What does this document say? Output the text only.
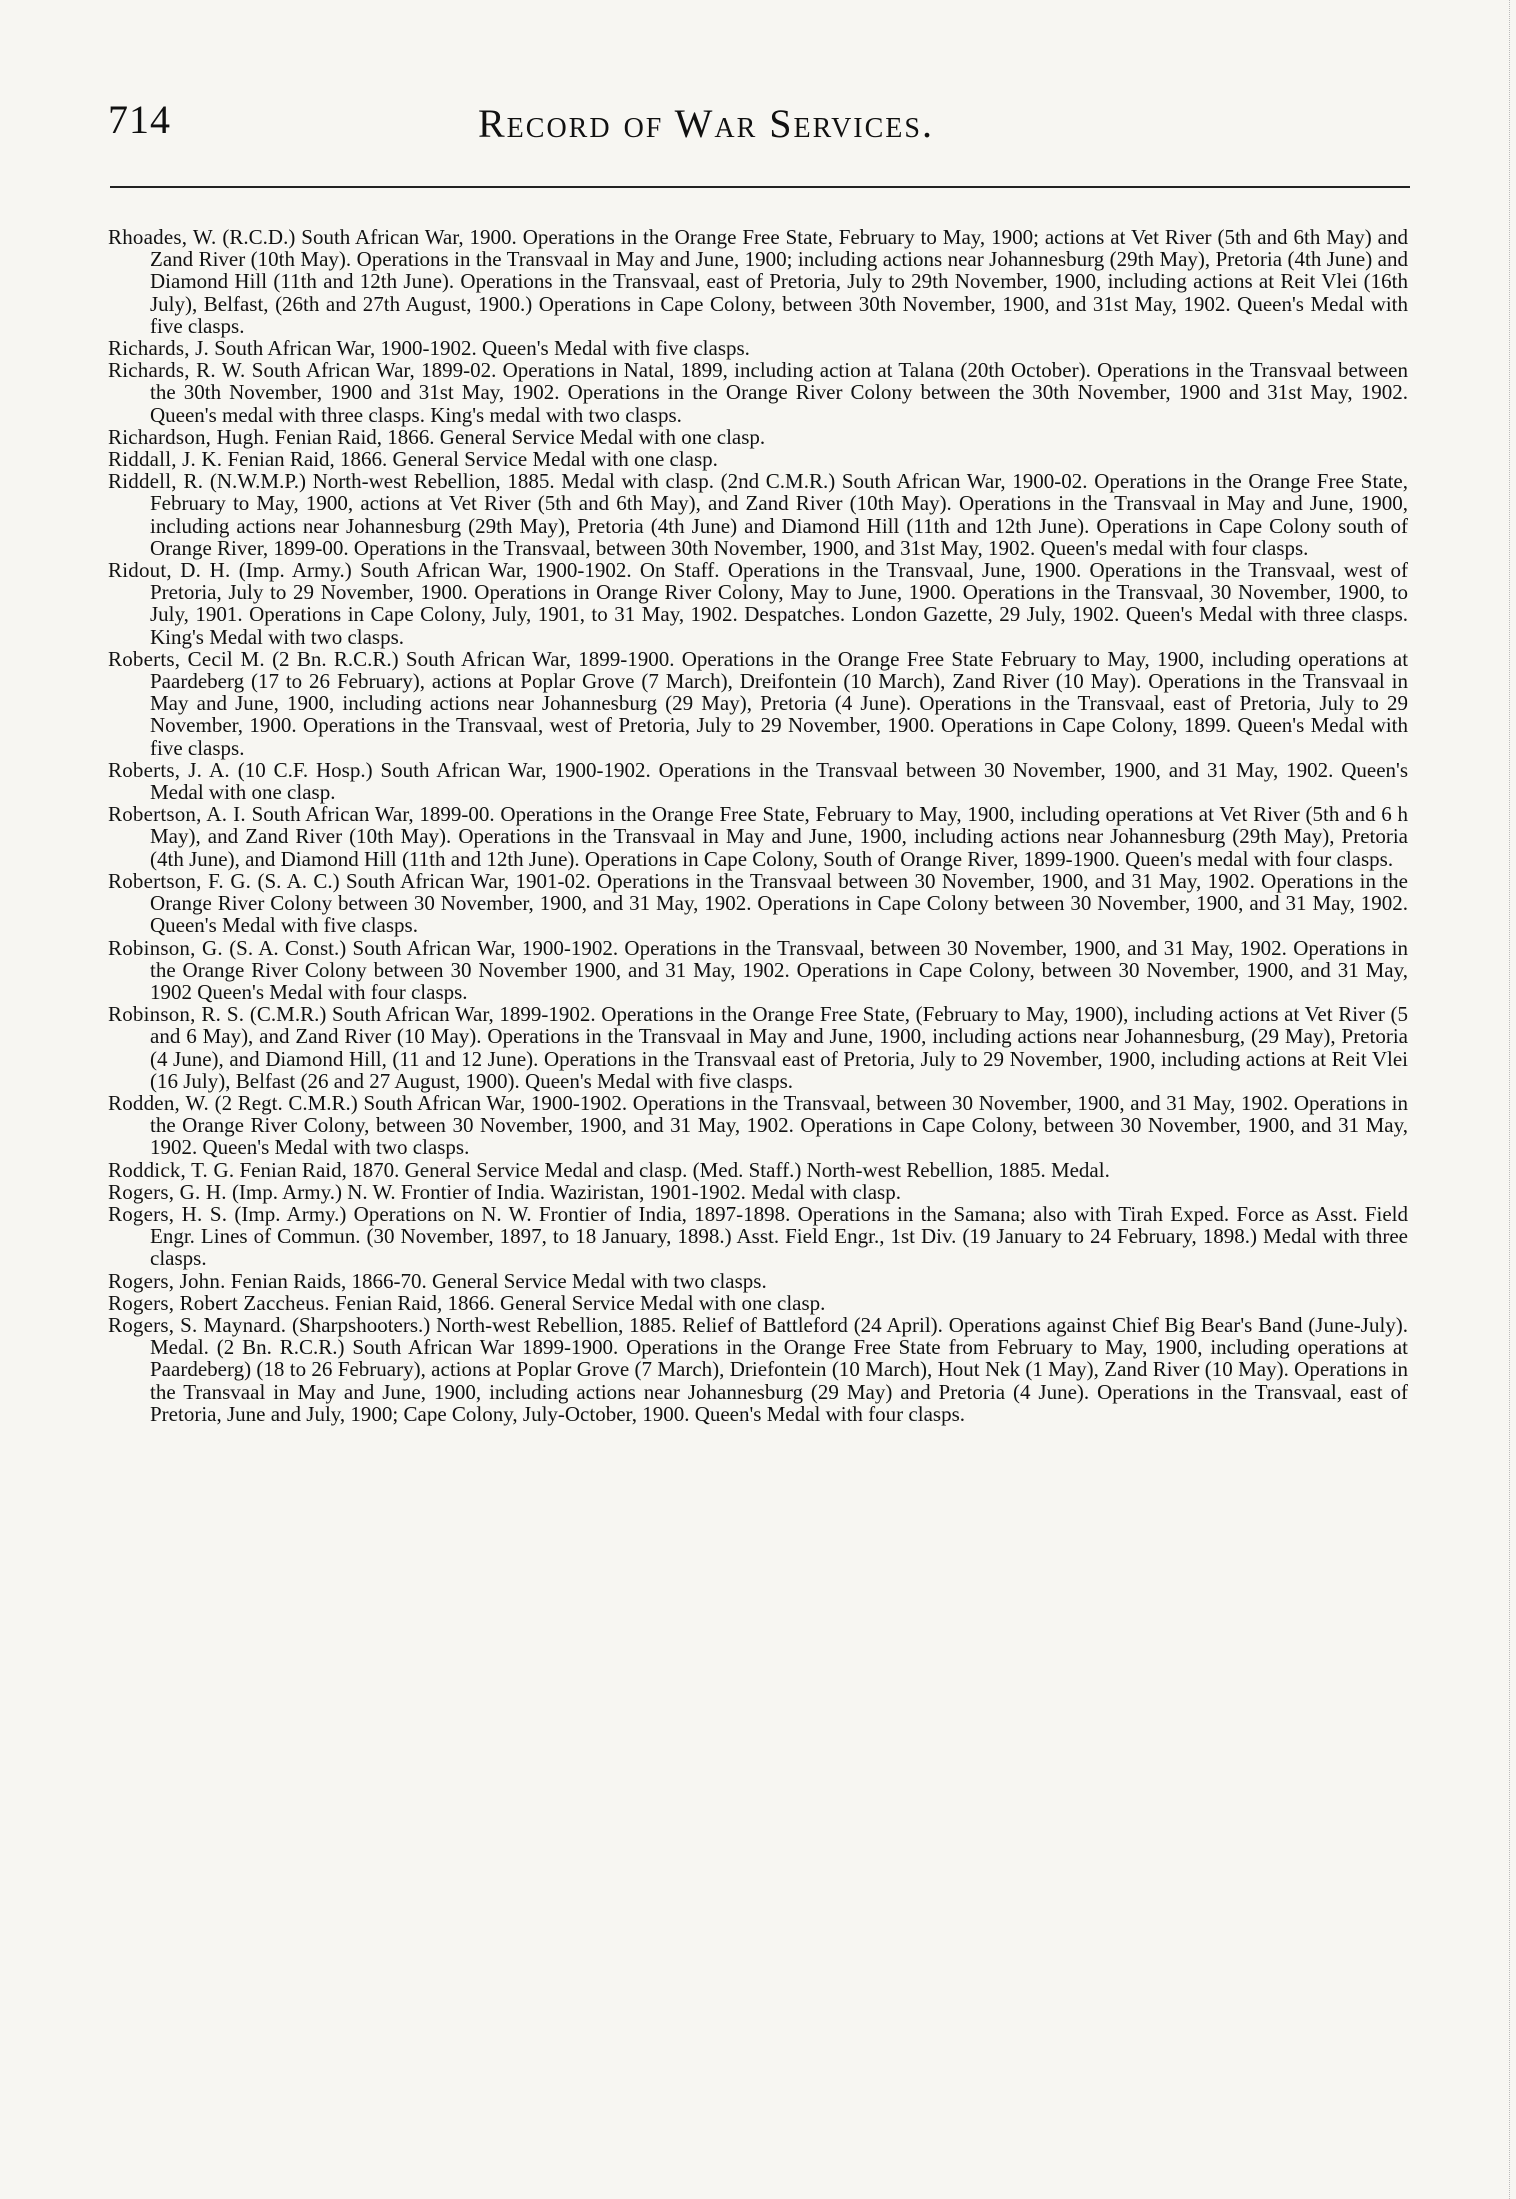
714	Record of War Services.

Rhoades, W. (R.C.D.) South African War, 1900. Operations in the Orange Free State, February to May, 1900; actions at Vet River (5th and 6th May) and Zand River (10th May). Operations in the Transvaal in May and June, 1900; including actions near Johannesburg (29th May), Pretoria (4th June) and Diamond Hill (11th and 12th June). Operations in the Transvaal, east of Pretoria, July to 29th November, 1900, including actions at Reit Vlei (16th July), Belfast, (26th and 27th August, 1900.) Operations in Cape Colony, between 30th November, 1900, and 31st May, 1902. Queen's Medal with five clasps.

Richards, J. South African War, 1900-1902. Queen's Medal with five clasps.

Richards, R. W. South African War, 1899-02. Operations in Natal, 1899, including action at Talana (20th October). Operations in the Transvaal between the 30th November, 1900 and 31st May, 1902. Operations in the Orange River Colony between the 30th November, 1900 and 31st May, 1902. Queen's medal with three clasps. King's medal with two clasps.

Richardson, Hugh. Fenian Raid, 1866. General Service Medal with one clasp.

Riddall, J. K. Fenian Raid, 1866. General Service Medal with one clasp.

Riddell, R. (N.W.M.P.) North-west Rebellion, 1885. Medal with clasp. (2nd C.M.R.) South African War, 1900-02. Operations in the Orange Free State, February to May, 1900, actions at Vet River (5th and 6th May), and Zand River (10th May). Operations in the Transvaal in May and June, 1900, including actions near Johannesburg (29th May), Pretoria (4th June) and Diamond Hill (11th and 12th June). Operations in Cape Colony south of Orange River, 1899-00. Operations in the Transvaal, between 30th November, 1900, and 31st May, 1902. Queen's medal with four clasps.

Ridout, D. H. (Imp. Army.) South African War, 1900-1902. On Staff. Operations in the Transvaal, June, 1900. Operations in the Transvaal, west of Pretoria, July to 29 November, 1900. Operations in Orange River Colony, May to June, 1900. Operations in the Transvaal, 30 November, 1900, to July, 1901. Operations in Cape Colony, July, 1901, to 31 May, 1902. Despatches. London Gazette, 29 July, 1902. Queen's Medal with three clasps. King's Medal with two clasps.

Roberts, Cecil M. (2 Bn. R.C.R.) South African War, 1899-1900. Operations in the Orange Free State February to May, 1900, including operations at Paardeberg (17 to 26 February), actions at Poplar Grove (7 March), Dreifontein (10 March), Zand River (10 May). Operations in the Transvaal in May and June, 1900, including actions near Johannesburg (29 May), Pretoria (4 June). Operations in the Transvaal, east of Pretoria, July to 29 November, 1900. Operations in the Transvaal, west of Pretoria, July to 29 November, 1900. Operations in Cape Colony, 1899. Queen's Medal with five clasps.

Roberts, J. A. (10 C.F. Hosp.) South African War, 1900-1902. Operations in the Transvaal between 30 November, 1900, and 31 May, 1902. Queen's Medal with one clasp.

Robertson, A. I. South African War, 1899-00. Operations in the Orange Free State, February to May, 1900, including operations at Vet River (5th and 6 h May), and Zand River (10th May). Operations in the Transvaal in May and June, 1900, including actions near Johannesburg (29th May), Pretoria (4th June), and Diamond Hill (11th and 12th June). Operations in Cape Colony, South of Orange River, 1899-1900. Queen's medal with four clasps.

Robertson, F. G. (S. A. C.) South African War, 1901-02. Operations in the Transvaal between 30 November, 1900, and 31 May, 1902. Operations in the Orange River Colony between 30 November, 1900, and 31 May, 1902. Operations in Cape Colony between 30 November, 1900, and 31 May, 1902. Queen's Medal with five clasps.

Robinson, G. (S. A. Const.) South African War, 1900-1902. Operations in the Transvaal, between 30 November, 1900, and 31 May, 1902. Operations in the Orange River Colony between 30 November 1900, and 31 May, 1902. Operations in Cape Colony, between 30 November, 1900, and 31 May, 1902 Queen's Medal with four clasps.

Robinson, R. S. (C.M.R.) South African War, 1899-1902. Operations in the Orange Free State, (February to May, 1900), including actions at Vet River (5 and 6 May), and Zand River (10 May). Operations in the Transvaal in May and June, 1900, including actions near Johannesburg, (29 May), Pretoria (4 June), and Diamond Hill, (11 and 12 June). Operations in the Transvaal east of Pretoria, July to 29 November, 1900, including actions at Reit Vlei (16 July), Belfast (26 and 27 August, 1900). Queen's Medal with five clasps.

Rodden, W. (2 Regt. C.M.R.) South African War, 1900-1902. Operations in the Transvaal, between 30 November, 1900, and 31 May, 1902. Operations in the Orange River Colony, between 30 November, 1900, and 31 May, 1902. Operations in Cape Colony, between 30 November, 1900, and 31 May, 1902. Queen's Medal with two clasps.

Roddick, T. G. Fenian Raid, 1870. General Service Medal and clasp. (Med. Staff.) North-west Rebellion, 1885. Medal.

Rogers, G. H. (Imp. Army.) N. W. Frontier of India. Waziristan, 1901-1902. Medal with clasp.

Rogers, H. S. (Imp. Army.) Operations on N. W. Frontier of India, 1897-1898. Operations in the Samana; also with Tirah Exped. Force as Asst. Field Engr. Lines of Commun. (30 November, 1897, to 18 January, 1898.) Asst. Field Engr., 1st Div. (19 January to 24 February, 1898.) Medal with three clasps.

Rogers, John. Fenian Raids, 1866-70. General Service Medal with two clasps.

Rogers, Robert Zaccheus. Fenian Raid, 1866. General Service Medal with one clasp.

Rogers, S. Maynard. (Sharpshooters.) North-west Rebellion, 1885. Relief of Battleford (24 April). Operations against Chief Big Bear's Band (June-July). Medal. (2 Bn. R.C.R.) South African War 1899-1900. Operations in the Orange Free State from February to May, 1900, including operations at Paardeberg) (18 to 26 February), actions at Poplar Grove (7 March), Driefontein (10 March), Hout Nek (1 May), Zand River (10 May). Operations in the Transvaal in May and June, 1900, including actions near Johannesburg (29 May) and Pretoria (4 June). Operations in the Transvaal, east of Pretoria, June and July, 1900; Cape Colony, July-October, 1900. Queen's Medal with four clasps.
